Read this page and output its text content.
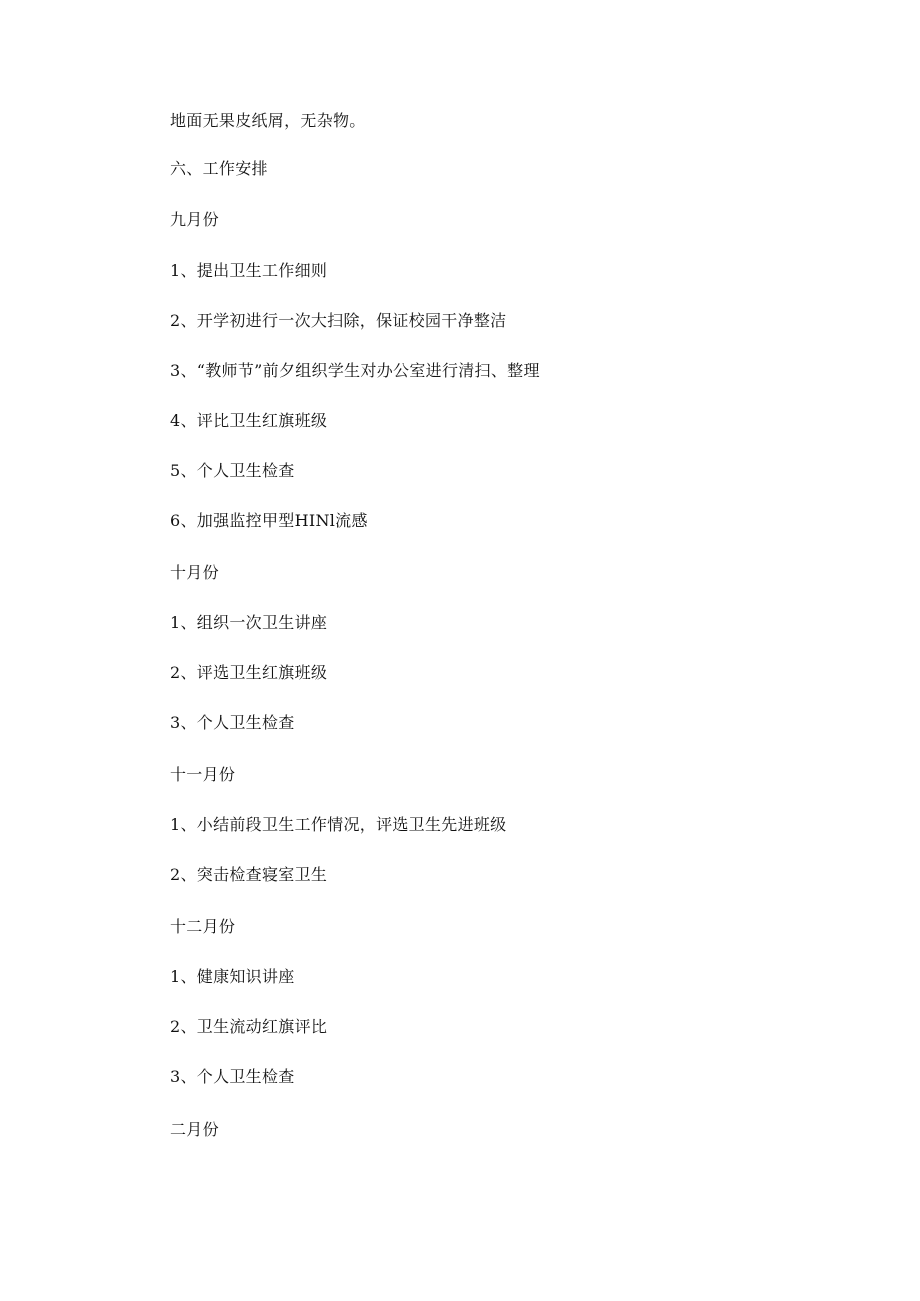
地面无果皮纸屑，无杂物。
六、工作安排
九月份
1、提出卫生工作细则
2、开学初进行一次大扫除，保证校园干净整洁
3、“教师节”前夕组织学生对办公室进行清扫、整理
4、评比卫生红旗班级
5、个人卫生检查
6、加强监控甲型HINl流感
十月份
1、组织一次卫生讲座
2、评选卫生红旗班级
3、个人卫生检查
十一月份
1、小结前段卫生工作情况，评选卫生先进班级
2、突击检查寝室卫生
十二月份
1、健康知识讲座
2、卫生流动红旗评比
3、个人卫生检查
二月份
